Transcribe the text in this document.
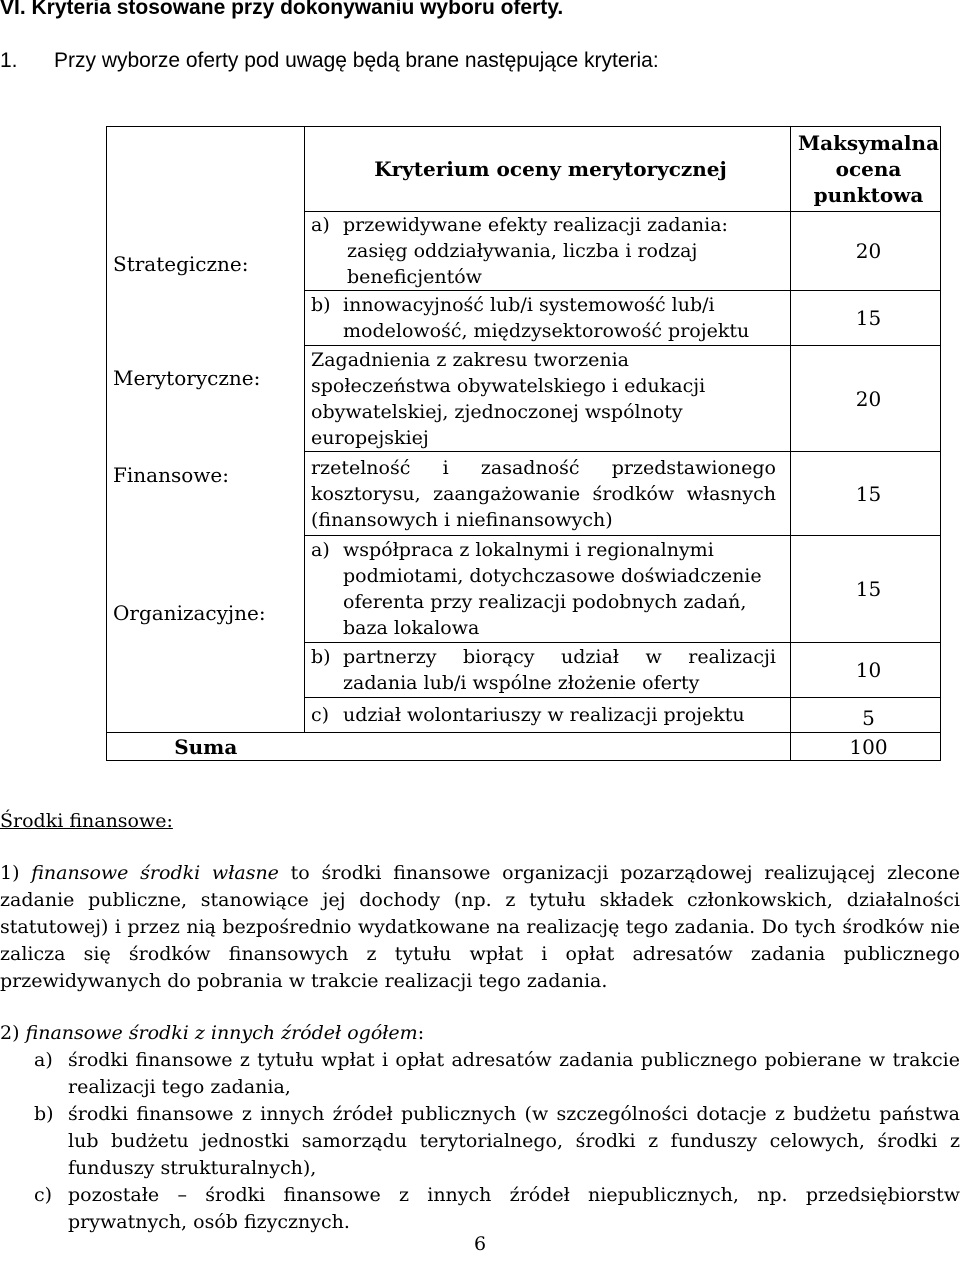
VI. Kryteria stosowane przy dokonywaniu wyboru oferty.
1. Przy wyborze oferty pod uwagę będą brane następujące kryteria:
	Kryterium oceny merytorycznej	Maksymalna
ocena
punktowa

Strategiczne:	a) przewidywane efekty realizacji zadania:
zasięg oddziaływania, liczba i rodzaj
beneficjentów	20

	b) innowacyjność lub/i systemowość lub/i
modelowość, międzysektorowość projektu	15
Merytoryczne:	Zagadnienia z zakresu tworzenia
społeczeństwa obywatelskiego i edukacji
obywatelskiej, zjednoczonej wspólnoty
europejskiej	20
Finansowe:	rzetelność i zasadność przedstawionego
kosztorysu, zaangażowanie środków własnych
(finansowych i niefinansowych)	15
Organizacyjne:	a) współpraca z lokalnymi i regionalnymi
podmiotami, dotychczasowe doświadczenie
oferenta przy realizacji podobnych zadań,
baza lokalowa	15

	b) partnerzy biorący udział w realizacji
zadania lub/i wspólne złożenie oferty	10

	c) udział wolontariuszy w realizacji projektu	5
Suma		100
Środki finansowe:
1) finansowe środki własne to środki finansowe organizacji pozarządowej realizującej zlecone zadanie publiczne, stanowiące jej dochody (np. z tytułu składek członkowskich, działalności statutowej) i przez nią bezpośrednio wydatkowane na realizację tego zadania. Do tych środków nie zalicza się środków finansowych z tytułu wpłat i opłat adresatów zadania publicznego przewidywanych do pobrania w trakcie realizacji tego zadania.
2) finansowe środki z innych źródeł ogółem:
a) środki finansowe z tytułu wpłat i opłat adresatów zadania publicznego pobierane w trakcie realizacji tego zadania,
b) środki finansowe z innych źródeł publicznych (w szczególności dotacje z budżetu państwa lub budżetu jednostki samorządu terytorialnego, środki z funduszy celowych, środki z funduszy strukturalnych),
c) pozostałe – środki finansowe z innych źródeł niepublicznych, np. przedsiębiorstw prywatnych, osób fizycznych.
6
